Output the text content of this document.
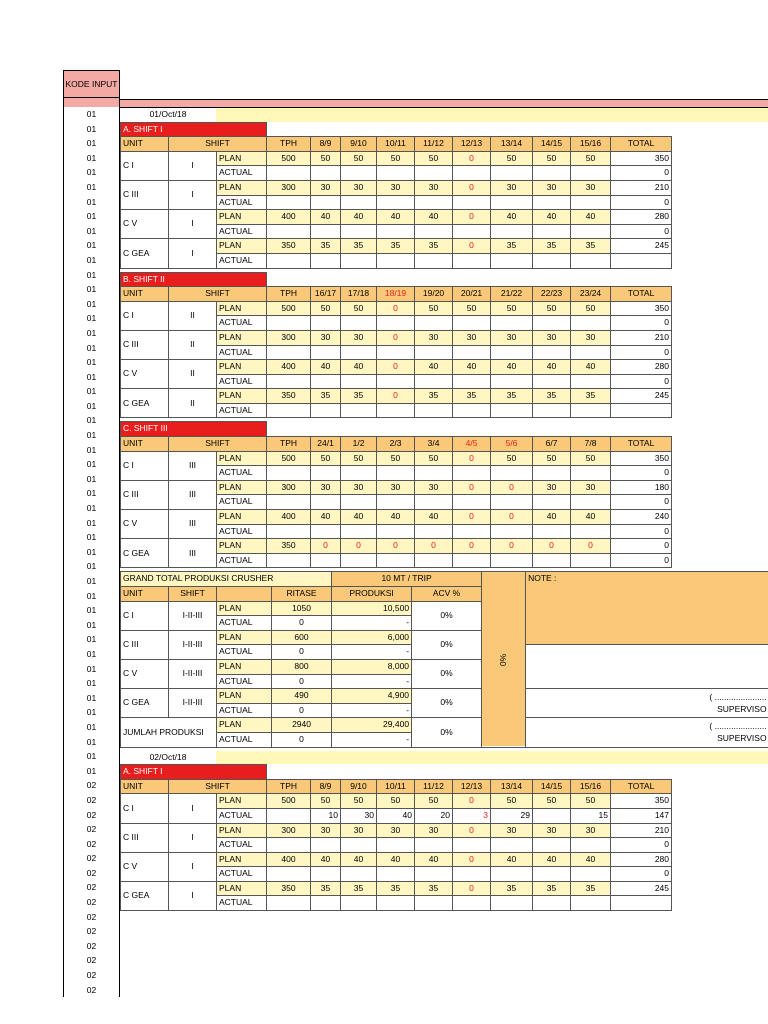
KODE INPUT
01
01
01
01
01
01
01
01
01
01
01
01
01
01
01
01
01
01
01
01
01
01
01
01
01
01
01
01
01
01
01
01
01
01
01
01
01
01
01
01
01
01
01
01
01
01
02
02
02
02
02
02
02
02
02
02
02
02
02
02
02
01/Oct/18	
A. SHIFT I												
UNIT	SHIFT		TPH	8/9	9/10	10/11	11/12	12/13	13/14	14/15	15/16	TOTAL
C I	I	PLAN	500	50	50	50	50	0	50	50	50	350
		ACTUAL										0
C III	I	PLAN	300	30	30	30	30	0	30	30	30	210
		ACTUAL										0
C V	I	PLAN	400	40	40	40	40	0	40	40	40	280
		ACTUAL										0
C GEA	I	PLAN	350	35	35	35	35	0	35	35	35	245
		ACTUAL										
B. SHIFT II												
UNIT	SHIFT		TPH	16/17	17/18	18/19	19/20	20/21	21/22	22/23	23/24	TOTAL
C I	II	PLAN	500	50	50	0	50	50	50	50	50	350
		ACTUAL										0
C III	II	PLAN	300	30	30	0	30	30	30	30	30	210
		ACTUAL										0
C V	II	PLAN	400	40	40	0	40	40	40	40	40	280
		ACTUAL										0
C GEA	II	PLAN	350	35	35	0	35	35	35	35	35	245
		ACTUAL										
C. SHIFT III												
UNIT	SHIFT		TPH	24/1	1/2	2/3	3/4	4/5	5/6	6/7	7/8	TOTAL
C I	III	PLAN	500	50	50	50	50	0	50	50	50	350
		ACTUAL										0
C III	III	PLAN	300	30	30	30	30	0	0	30	30	180
		ACTUAL										0
C V	III	PLAN	400	40	40	40	40	0	0	40	40	240
		ACTUAL										0
C GEA	III	PLAN	350	0	0	0	0	0	0	0	0	0
		ACTUAL										0
GRAND TOTAL PRODUKSI CRUSHER				10 MT / TRIP		0%	NOTE :	
UNIT	SHIFT		RITASE	PRODUKSI	ACV %			
C I	I-II-III	PLAN	1050	10,500	0%			
		ACTUAL	0	-				
C III	I-II-III	PLAN	600	6,000	0%	
		ACTUAL	0	-				
C V	I-II-III	PLAN	800	8,000	0%			
		ACTUAL	0	-				
C GEA	I-II-III	PLAN	490	4,900	0%		( ......................
SUPERVISO	

		ACTUAL	0	-				
JUMLAH PRODUKSI		PLAN	2940	29,400	0%		( ......................
SUPERVISO	

		ACTUAL	0	-				
02/Oct/18	
A. SHIFT I												
UNIT	SHIFT		TPH	8/9	9/10	10/11	11/12	12/13	13/14	14/15	15/16	TOTAL
C I	I	PLAN	500	50	50	50	50	0	50	50	50	350
		ACTUAL		10	30	40	20	3	29		15	147
C III	I	PLAN	300	30	30	30	30	0	30	30	30	210
		ACTUAL										0
C V	I	PLAN	400	40	40	40	40	0	40	40	40	280
		ACTUAL										0
C GEA	I	PLAN	350	35	35	35	35	0	35	35	35	245
		ACTUAL										
